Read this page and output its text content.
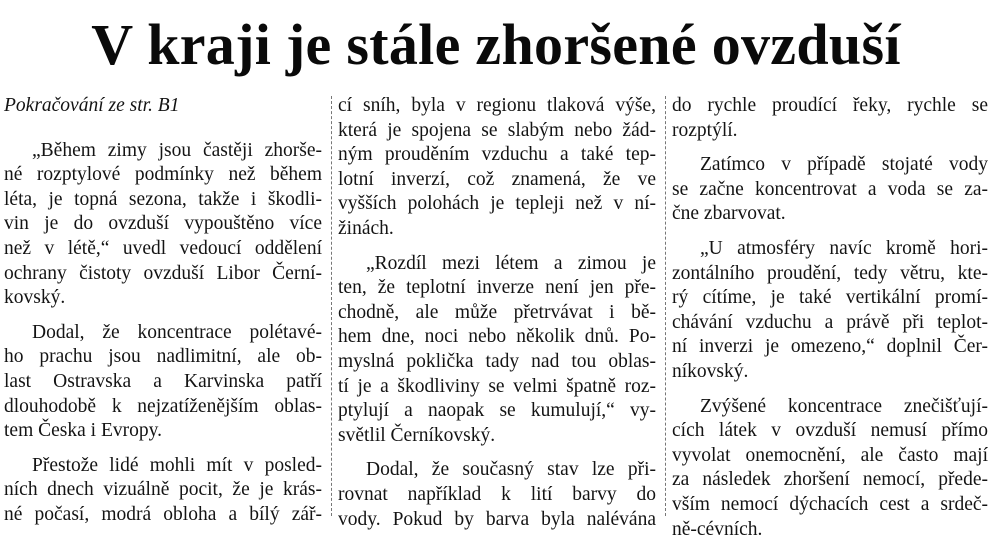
V kraji je stále zhoršené ovzduší
Pokračování ze str. B1
„Během zimy jsou častěji zhorše-
né rozptylové podmínky než během
léta, je topná sezona, takže i škodli-
vin je do ovzduší vypouštěno více
než v létě,“ uvedl vedoucí oddělení
ochrany čistoty ovzduší Libor Černí-
kovský.
Dodal, že koncentrace polétavé-
ho prachu jsou nadlimitní, ale ob-
last Ostravska a Karvinska patří
dlouhodobě k nejzatíženějším oblas-
tem Česka i Evropy.
Přestože lidé mohli mít v posled-
ních dnech vizuálně pocit, že je krás-
né počasí, modrá obloha a bílý zář-
cí sníh, byla v regionu tlaková výše,
která je spojena se slabým nebo žád-
ným prouděním vzduchu a také tep-
lotní inverzí, což znamená, že ve
vyšších polohách je tepleji než v ní-
žinách.
„Rozdíl mezi létem a zimou je
ten, že teplotní inverze není jen pře-
chodně, ale může přetrvávat i bě-
hem dne, noci nebo několik dnů. Po-
myslná poklička tady nad tou oblas-
tí je a škodliviny se velmi špatně roz-
ptylují a naopak se kumulují,“ vy-
světlil Černíkovský.
Dodal, že současný stav lze při-
rovnat například k lití barvy do
vody. Pokud by barva byla nalévána
do rychle proudící řeky, rychle se
rozptýlí.
Zatímco v případě stojaté vody
se začne koncentrovat a voda se za-
čne zbarvovat.
„U atmosféry navíc kromě hori-
zontálního proudění, tedy větru, kte-
rý cítíme, je také vertikální promí-
chávání vzduchu a právě při teplot-
ní inverzi je omezeno,“ doplnil Čer-
níkovský.
Zvýšené koncentrace znečišťují-
cích látek v ovzduší nemusí přímo
vyvolat onemocnění, ale často mají
za následek zhoršení nemocí, přede-
vším nemocí dýchacích cest a srdeč-
ně-cévních.
